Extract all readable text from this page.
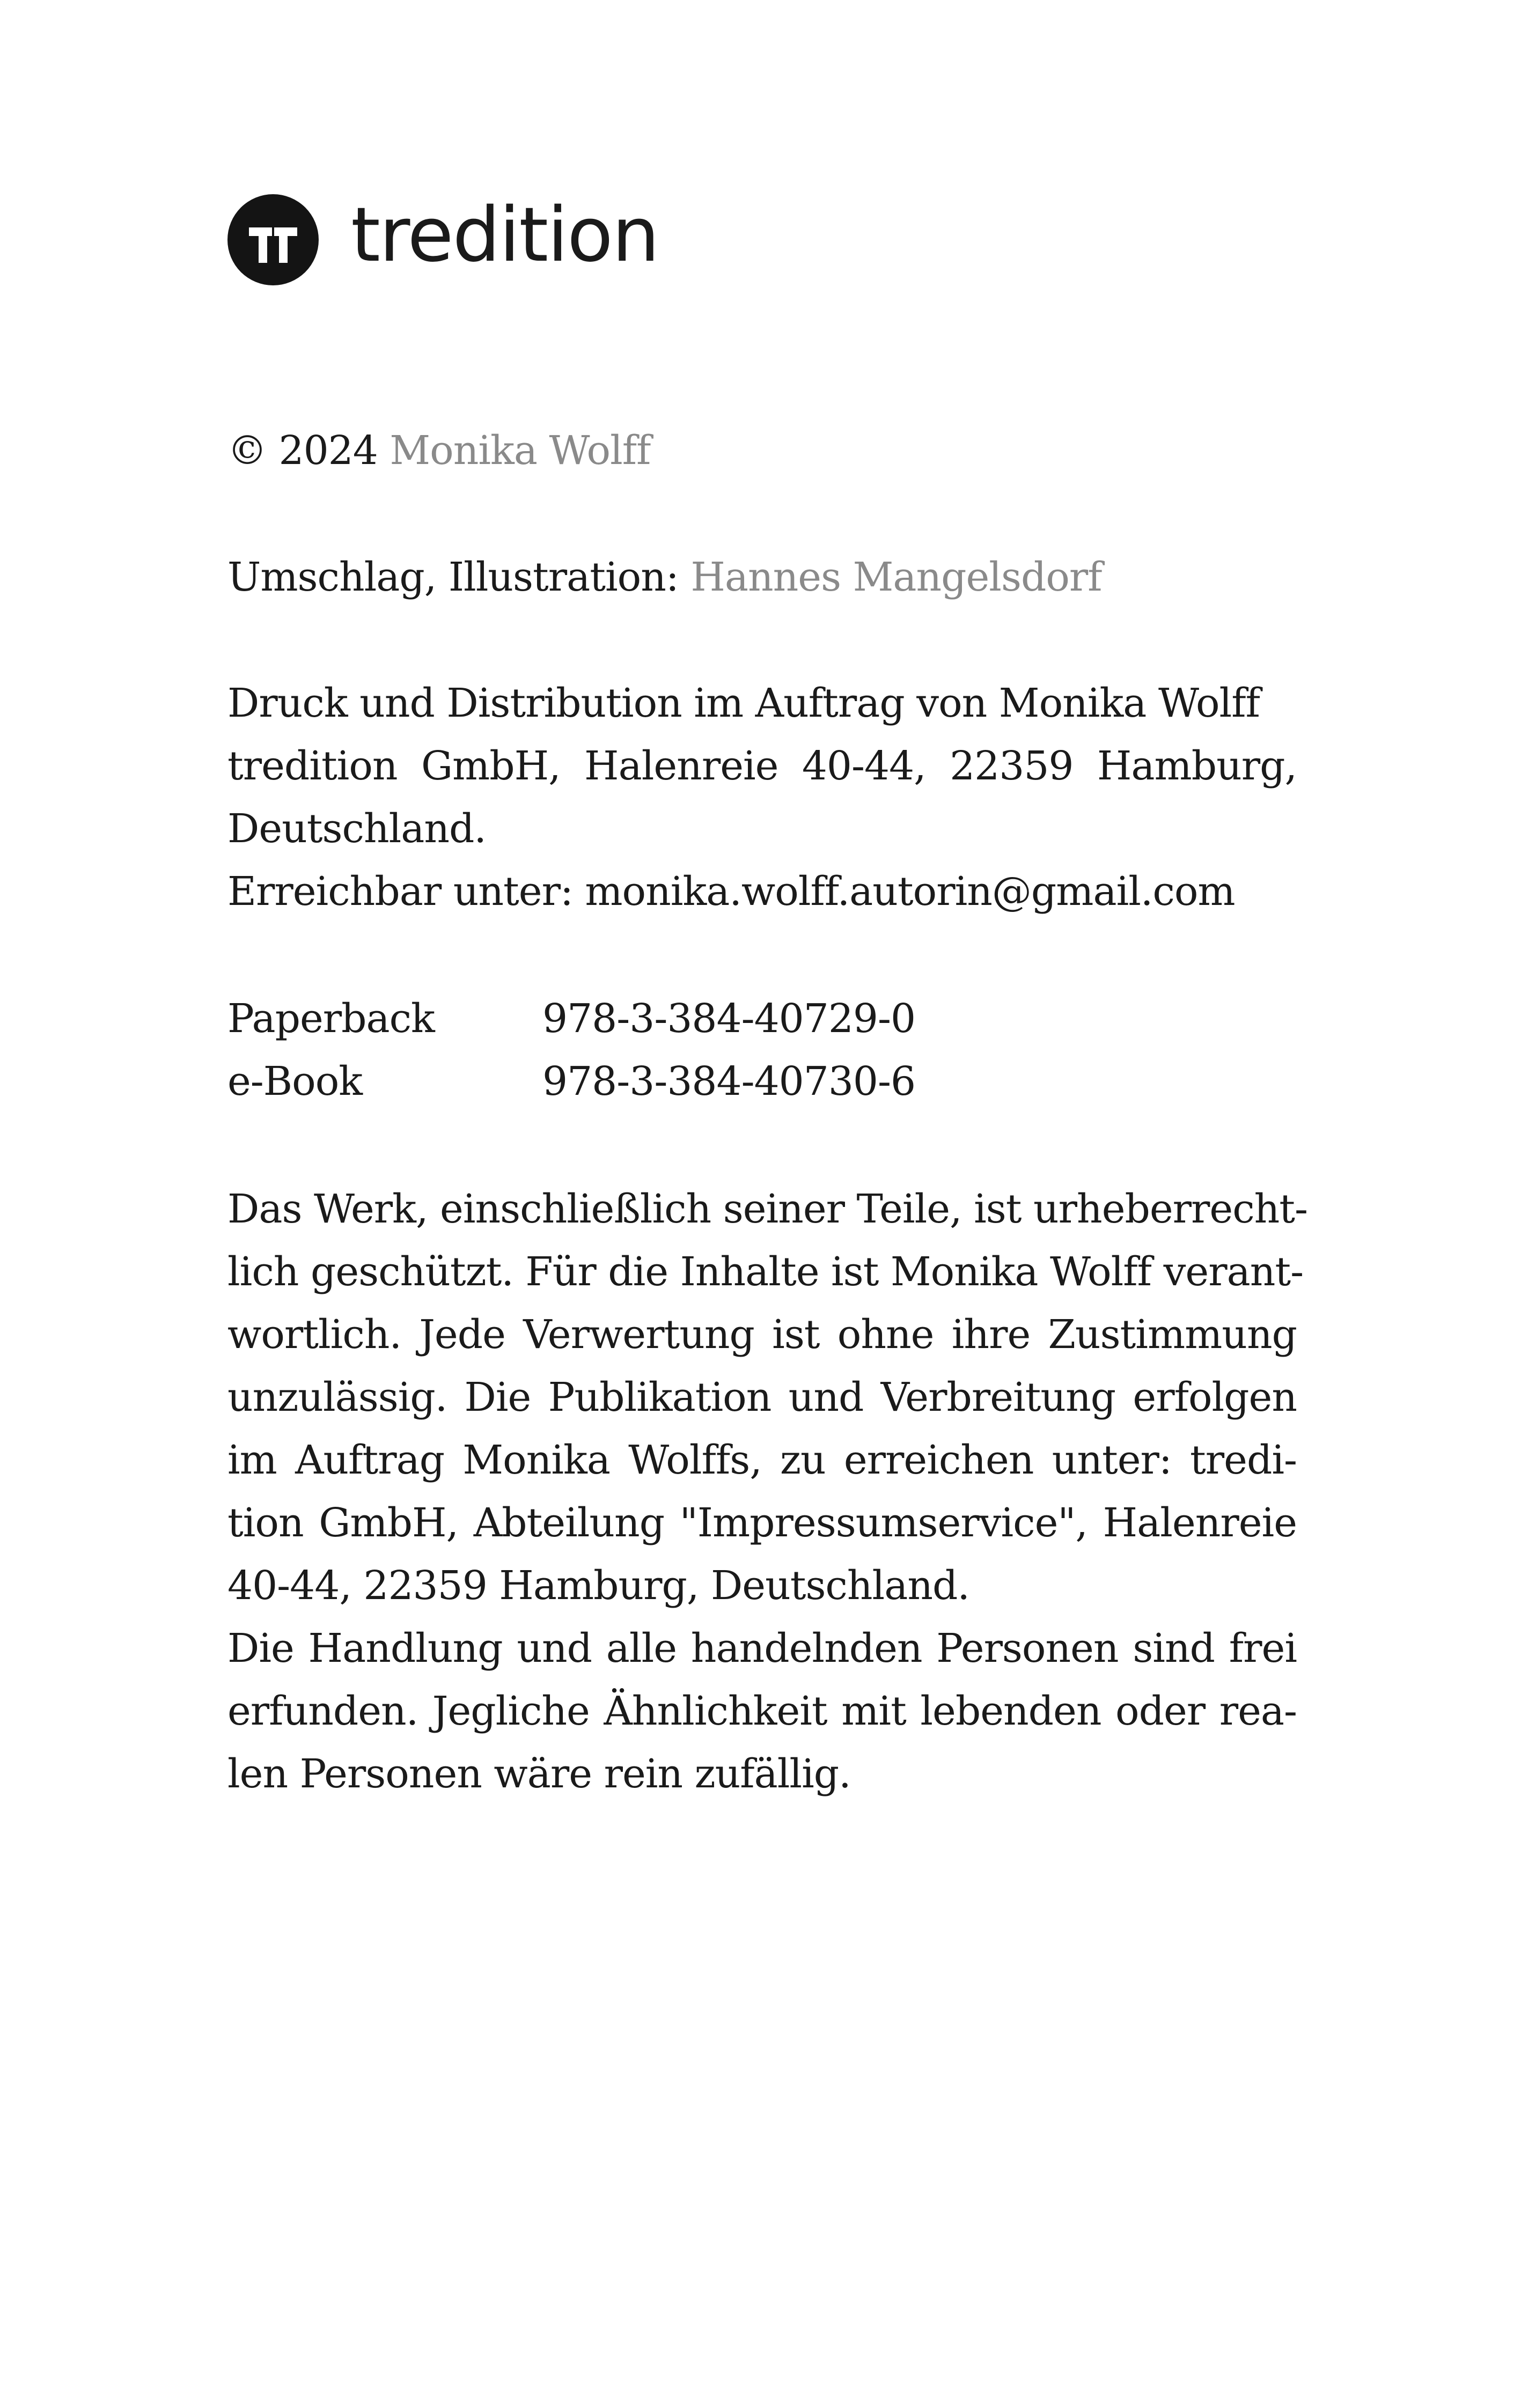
tredition
© 2024 Monika Wolff
Umschlag, Illustration: Hannes Mangelsdorf
Druck und Distribution im Auftrag von Monika Wolff
tredition GmbH, Halenreie 40-44, 22359 Hamburg,
Deutschland.
Erreichbar unter: monika.wolff.autorin@gmail.com
Paperback	978-3-384-40729-0
e-Book	978-3-384-40730-6
Das Werk, einschließlich seiner Teile, ist urheberrecht-
lich geschützt. Für die Inhalte ist Monika Wolff verant-
wortlich. Jede Verwertung ist ohne ihre Zustimmung
unzulässig. Die Publikation und Verbreitung erfolgen
im Auftrag Monika Wolffs, zu erreichen unter: tredi-
tion GmbH, Abteilung "Impressumservice", Halenreie
40-44, 22359 Hamburg, Deutschland.
Die Handlung und alle handelnden Personen sind frei
erfunden. Jegliche Ähnlichkeit mit lebenden oder rea-
len Personen wäre rein zufällig.
